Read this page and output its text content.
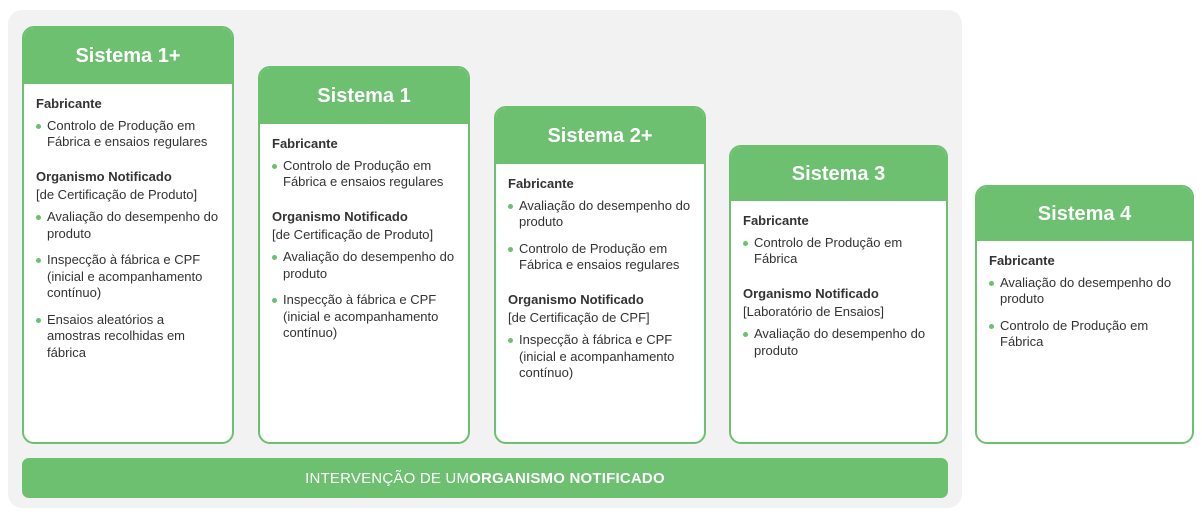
Sistema 1+
Fabricante
Controlo de Produção em Fábrica e ensaios regulares
Organismo Notificado
[de Certificação de Produto]
Avaliação do desempenho do produto
Inspecção à fábrica e CPF (inicial e acompanhamento contínuo)
Ensaios aleatórios a amostras recolhidas em fábrica
Sistema 1
Fabricante
Controlo de Produção em Fábrica e ensaios regulares
Organismo Notificado
[de Certificação de Produto]
Avaliação do desempenho do produto
Inspecção à fábrica e CPF (inicial e acompanhamento contínuo)
Sistema 2+
Fabricante
Avaliação do desempenho do produto
Controlo de Produção em Fábrica e ensaios regulares
Organismo Notificado
[de Certificação de CPF]
Inspecção à fábrica e CPF (inicial e acompanhamento contínuo)
Sistema 3
Fabricante
Controlo de Produção em Fábrica
Organismo Notificado
[Laboratório de Ensaios]
Avaliação do desempenho do produto
Sistema 4
Fabricante
Avaliação do desempenho do produto
Controlo de Produção em Fábrica
INTERVENÇÃO DE UM ORGANISMO NOTIFICADO
